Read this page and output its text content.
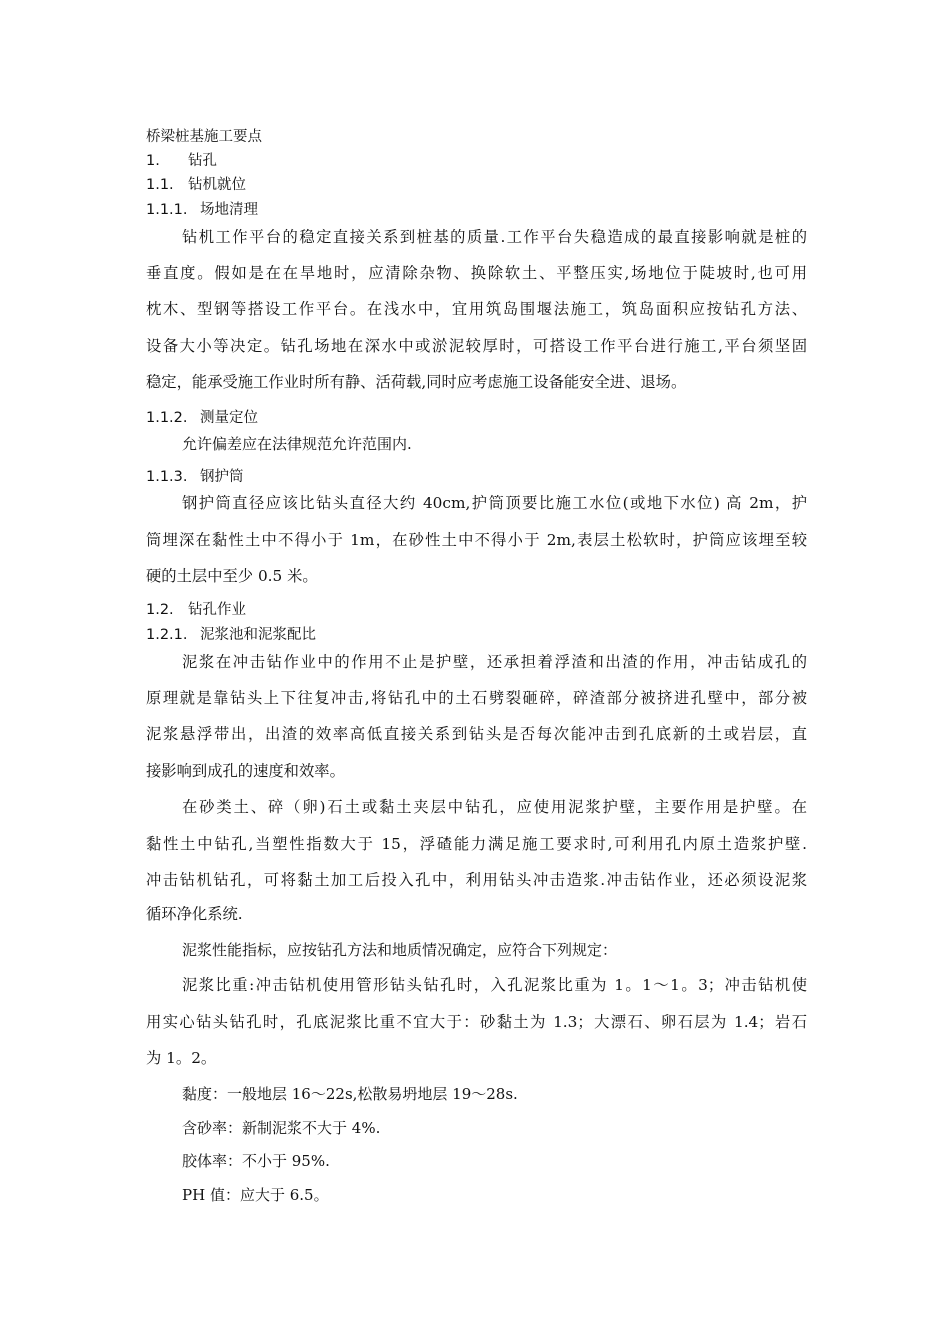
桥梁桩基施工要点
1. 钻孔
1.1. 钻机就位
1.1.1. 场地清理
钻机工作平台的稳定直接关系到桩基的质量.工作平台失稳造成的最直接影响就是桩的
垂直度。假如是在在旱地时，应清除杂物、换除软土、平整压实,场地位于陡坡时,也可用
枕木、型钢等搭设工作平台。在浅水中，宜用筑岛围堰法施工，筑岛面积应按钻孔方法、
设备大小等决定。钻孔场地在深水中或淤泥较厚时，可搭设工作平台进行施工,平台须坚固
稳定，能承受施工作业时所有静、活荷载,同时应考虑施工设备能安全进、退场。
1.1.2. 测量定位
允许偏差应在法律规范允许范围内.
1.1.3. 钢护筒
钢护筒直径应该比钻头直径大约 40cm,护筒顶要比施工水位(或地下水位) 高 2m，护
筒埋深在黏性土中不得小于 1m，在砂性土中不得小于 2m,表层土松软时，护筒应该埋至较
硬的土层中至少 0.5 米。
1.2. 钻孔作业
1.2.1. 泥浆池和泥浆配比
泥浆在冲击钻作业中的作用不止是护壁，还承担着浮渣和出渣的作用，冲击钻成孔的
原理就是靠钻头上下往复冲击,将钻孔中的土石劈裂砸碎，碎渣部分被挤进孔壁中，部分被
泥浆悬浮带出，出渣的效率高低直接关系到钻头是否每次能冲击到孔底新的土或岩层，直
接影响到成孔的速度和效率。
在砂类土、碎（卵)石土或黏土夹层中钻孔，应使用泥浆护壁，主要作用是护壁。在
黏性土中钻孔,当塑性指数大于 15，浮碴能力满足施工要求时,可利用孔内原土造浆护壁.
冲击钻机钻孔，可将黏土加工后投入孔中，利用钻头冲击造浆.冲击钻作业，还必须设泥浆
循环净化系统.
泥浆性能指标，应按钻孔方法和地质情况确定，应符合下列规定：
泥浆比重:冲击钻机使用管形钻头钻孔时，入孔泥浆比重为 1。1～1。3；冲击钻机使
用实心钻头钻孔时，孔底泥浆比重不宜大于：砂黏土为 1.3；大漂石、卵石层为 1.4；岩石
为 1。2。
黏度：一般地层 16～22s,松散易坍地层 19～28s.
含砂率：新制泥浆不大于 4%.
胶体率：不小于 95%.
PH 值：应大于 6.5。
